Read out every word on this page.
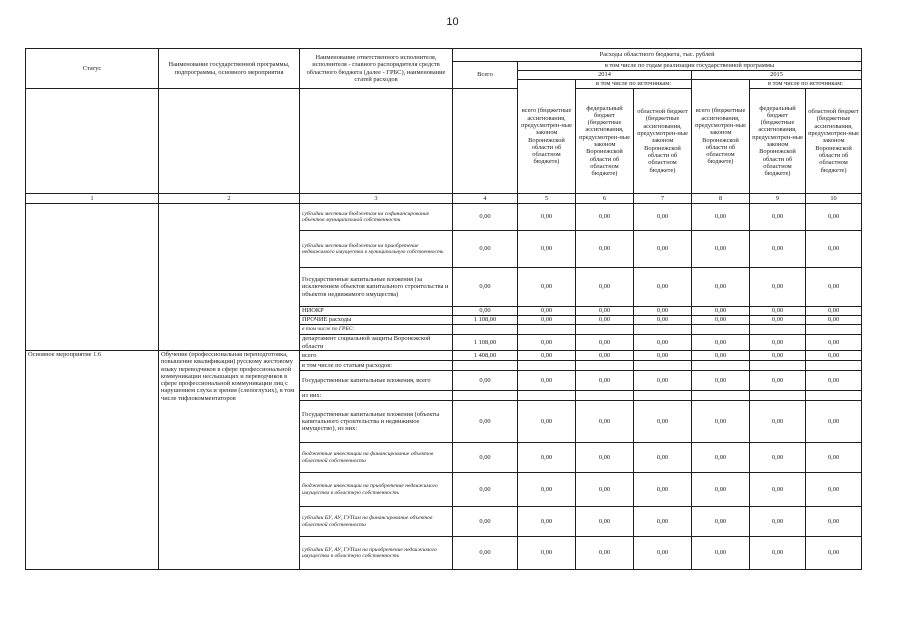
10
Статус	Наименование государственной программы, подпрограммы, основного мероприятия	Наименование ответственного исполнителя, исполнителя - главного распорядителя средств областного бюджета (далее - ГРБС), наименование статей расходов	Расходы областного бюджета, тыс. рублей						
			Всего	в том числе по годам реализации государственной программы					
				2014			2015		
				всего (бюджетные ассигнования, предусмотрен-ные законом Воронежской области об областном бюджете)	в том числе по источникам:		всего (бюджетные ассигнования, предусмотрен-ные законом Воронежской области об областном бюджете)	в том числе по источникам:	
					федеральный бюджет (бюджетные ассигнования, предусмотрен-ные законом Воронежской области об областном бюджете)	областной бюджет (бюджетные ассигнования, предусмотрен-ные законом Воронежской области об областном бюджете)		федеральный бюджет (бюджетные ассигнования, предусмотрен-ные законом Воронежской области об областном бюджете)	областной бюджет (бюджетные ассигнования, предусмотрен-ные законом Воронежской области об областном бюджете)
1	2	3	4	5	6	7	8	9	10
		субсидии местным бюджетам на софинансирование объектов муниципальной собственности	0,00	0,00	0,00	0,00	0,00	0,00	0,00
		субсидии местным бюджетам на приобретение недвижимого имущества в муниципальную собственность	0,00	0,00	0,00	0,00	0,00	0,00	0,00
		Государственные капитальные вложения (за исключением объектов капитального строительства и объектов недвижимого имущества)	0,00	0,00	0,00	0,00	0,00	0,00	0,00
		НИОКР	0,00	0,00	0,00	0,00	0,00	0,00	0,00
		ПРОЧИЕ расходы	1 108,00	0,00	0,00	0,00	0,00	0,00	0,00
		в том числе по ГРБС:							
		департамент социальной защиты Воронежской области	1 108,00	0,00	0,00	0,00	0,00	0,00	0,00
Основное мероприятие 1.6	Обучение (профессиональная переподготовка, повышение квалификации) русскому жестовому языку переводчиков в сфере профессиональной коммуникации неслышащих и переводчиков в сфере профессиональной коммуникации лиц с нарушением слуха и зрения (слепоглухих), в том числе тифлокомментаторов	всего	1 408,00	0,00	0,00	0,00	0,00	0,00	0,00
		в том числе по статьям расходов:							
		Государственные капитальные вложения, всего	0,00	0,00	0,00	0,00	0,00	0,00	0,00
		из них:							
		Государственные капитальные вложения (объекты капитального строительства и недвижимое имущество), из них:	0,00	0,00	0,00	0,00	0,00	0,00	0,00
		бюджетные инвестиции на финансирование объектов областной собственности	0,00	0,00	0,00	0,00	0,00	0,00	0,00
		бюджетные инвестиции на приобретение недвижимого имущества в областную собственность	0,00	0,00	0,00	0,00	0,00	0,00	0,00
		субсидии БУ, АУ, ГУПам на финансирование объектов областной собственности	0,00	0,00	0,00	0,00	0,00	0,00	0,00
		субсидии БУ, АУ, ГУПам на приобретение недвижимого имущества в областную собственность	0,00	0,00	0,00	0,00	0,00	0,00	0,00
